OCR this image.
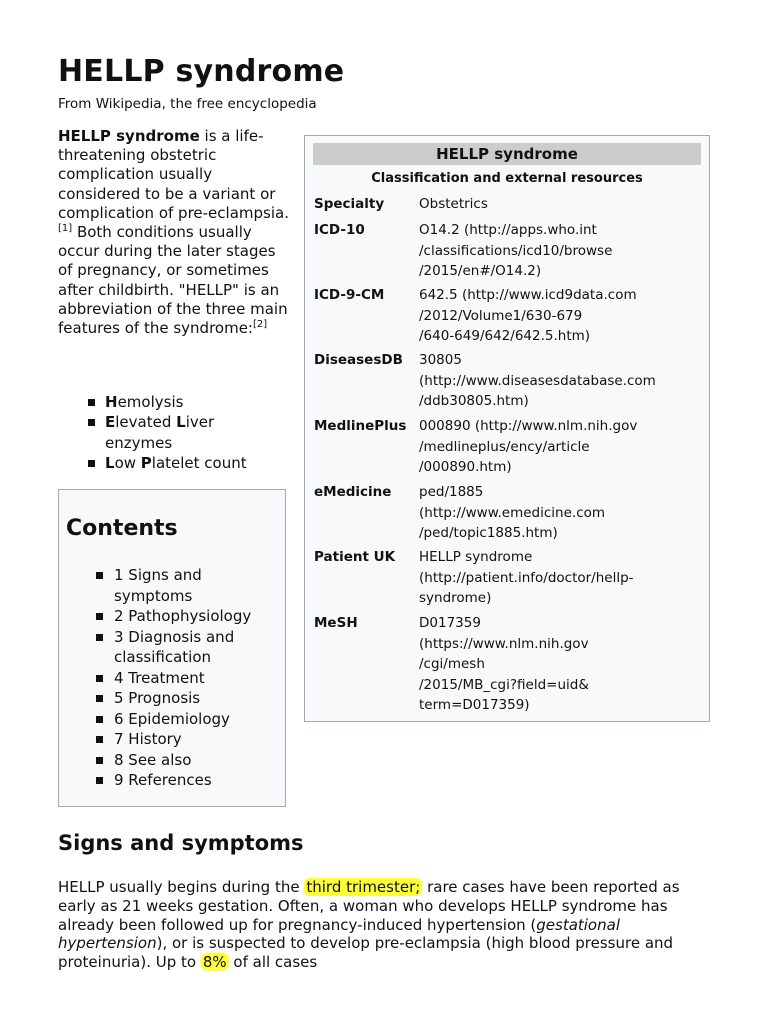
HELLP syndrome
From Wikipedia, the free encyclopedia
HELLP syndrome is a life-threatening obstetric complication usually considered to be a variant or complication of pre-eclampsia.[1] Both conditions usually occur during the later stages of pregnancy, or sometimes after childbirth. "HELLP" is an abbreviation of the three main features of the syndrome:[2]
Hemolysis
Elevated Liver enzymes
Low Platelet count
Contents
1 Signs and symptoms
2 Pathophysiology
3 Diagnosis and classification
4 Treatment
5 Prognosis
6 Epidemiology
7 History
8 See also
9 References
HELLP syndrome
Classification and external resources
Specialty	Obstetrics
ICD-10	O14.2 (http://apps.who.int
/classifications/icd10/browse
/2015/en#/O14.2)
ICD-9-CM	642.5 (http://www.icd9data.com
/2012/Volume1/630-679
/640-649/642/642.5.htm)
DiseasesDB	30805
(http://www.diseasesdatabase.com
/ddb30805.htm)
MedlinePlus 000890 (http://www.nlm.nih.gov
/medlineplus/ency/article
/000890.htm)
eMedicine	ped/1885
(http://www.emedicine.com
/ped/topic1885.htm)
Patient UK	HELLP syndrome
(http://patient.info/doctor/hellp-
syndrome)
MeSH	D017359
(https://www.nlm.nih.gov
/cgi/mesh
/2015/MB_cgi?field=uid&
term=D017359)
Signs and symptoms
HELLP usually begins during the third trimester; rare cases have been reported as early as 21 weeks gestation. Often, a woman who develops HELLP syndrome has already been followed up for pregnancy-induced hypertension (gestational hypertension), or is suspected to develop pre-eclampsia (high blood pressure and proteinuria). Up to 8% of all cases
